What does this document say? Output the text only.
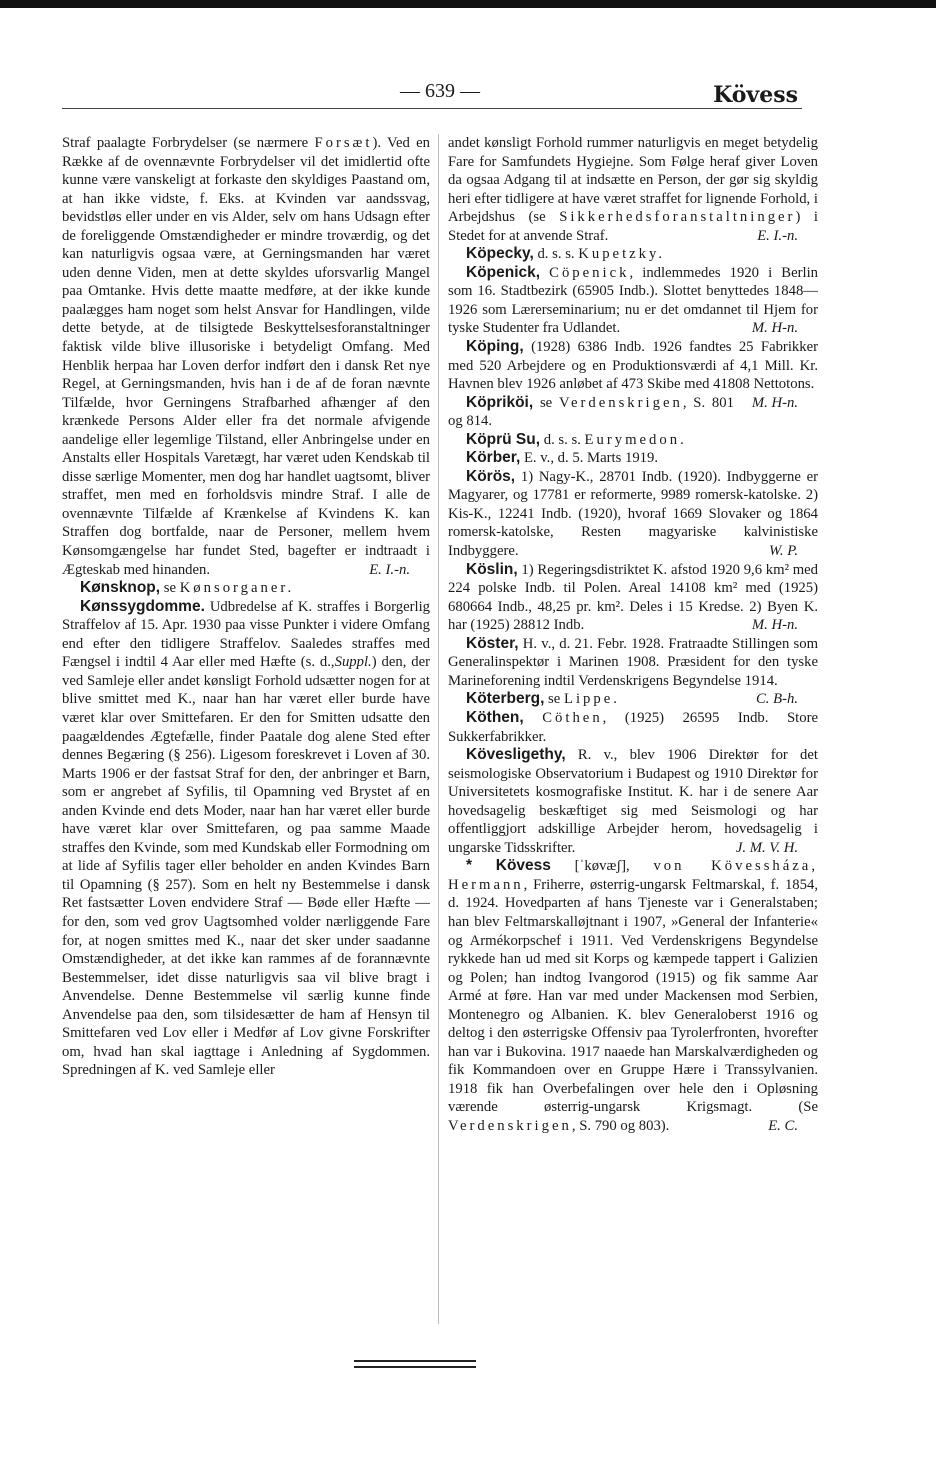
— 639 —	Kövess

Straf paalagte Forbrydelser (se nærmere Forsæt). Ved en Række af de ovennævnte Forbrydelser vil det imidlertid ofte kunne være vanskeligt at forkaste den skyldiges Paastand om, at han ikke vidste, f. Eks. at Kvinden var aandssvag, bevidstløs eller under en vis Alder, selv om hans Udsagn efter de foreliggende Omstændigheder er mindre troværdig, og det kan naturligvis ogsaa være, at Gerningsmanden har været uden denne Viden, men at dette skyldes uforsvarlig Mangel paa Omtanke. Hvis dette maatte medføre, at der ikke kunde paalægges ham noget som helst Ansvar for Handlingen, vilde dette betyde, at de tilsigtede Beskyttelsesforanstaltninger faktisk vilde blive illusoriske i betydeligt Omfang. Med Henblik herpaa har Loven derfor indført den i dansk Ret nye Regel, at Gerningsmanden, hvis han i de af de foran nævnte Tilfælde, hvor Gerningens Strafbarhed afhænger af den krænkede Persons Alder eller fra det normale afvigende aandelige eller legemlige Tilstand, eller Anbringelse under en Anstalts eller Hospitals Varetægt, har været uden Kendskab til disse særlige Momenter, men dog har handlet uagtsomt, bliver straffet, men med en forholdsvis mindre Straf. I alle de ovennævnte Tilfælde af Krænkelse af Kvindens K. kan Straffen dog bortfalde, naar de Personer, mellem hvem Kønsomgængelse har fundet Sted, bagefter er indtraadt i Ægteskab med hinanden.	E. I.-n.

Kønsknop, se Kønsorganer.

Kønssygdomme. Udbredelse af K. straffes i Borgerlig Straffelov af 15. Apr. 1930 paa visse Punkter i videre Omfang end efter den tidligere Straffelov. Saaledes straffes med Fængsel i indtil 4 Aar eller med Hæfte (s. d.,Suppl.) den, der ved Samleje eller andet kønsligt Forhold udsætter nogen for at blive smittet med K., naar han har været eller burde have været klar over Smittefaren. Er den for Smitten udsatte den paagældendes Ægtefælle, finder Paatale dog alene Sted efter dennes Begæring (§ 256). Ligesom foreskrevet i Loven af 30. Marts 1906 er der fastsat Straf for den, der anbringer et Barn, som er angrebet af Syfilis, til Opamning ved Brystet af en anden Kvinde end dets Moder, naar han har været eller burde have været klar over Smittefaren, og paa samme Maade straffes den Kvinde, som med Kundskab eller Formodning om at lide af Syfilis tager eller beholder en anden Kvindes Barn til Opamning (§ 257). Som en helt ny Bestemmelse i dansk Ret fastsætter Loven endvidere Straf — Bøde eller Hæfte — for den, som ved grov Uagtsomhed volder nærliggende Fare for, at nogen smittes med K., naar det sker under saadanne Omstændigheder, at det ikke kan rammes af de forannævnte Bestemmelser, idet disse naturligvis saa vil blive bragt i Anvendelse. Denne Bestemmelse vil særlig kunne finde Anvendelse paa den, som tilsidesætter de ham af Hensyn til Smittefaren ved Lov eller i Medfør af Lov givne Forskrifter om, hvad han skal iagttage i Anledning af Sygdommen. Spredningen af K. ved Samleje eller

andet kønsligt Forhold rummer naturligvis en meget betydelig Fare for Samfundets Hygiejne. Som Følge heraf giver Loven da ogsaa Adgang til at indsætte en Person, der gør sig skyldig heri efter tidligere at have været straffet for lignende Forhold, i Arbejdshus (se Sikkerhedsforanstaltninger) i Stedet for at anvende Straf.	E. I.-n.

Köpecky, d. s. s. Kupetzky.

Köpenick, Cöpenick, indlemmedes 1920 i Berlin som 16. Stadtbezirk (65905 Indb.). Slottet benyttedes 1848—1926 som Lærerseminarium; nu er det omdannet til Hjem for tyske Studenter fra Udlandet.	M. H-n.

Köping, (1928) 6386 Indb. 1926 fandtes 25 Fabrikker med 520 Arbejdere og en Produktionsværdi af 4,1 Mill. Kr. Havnen blev 1926 anløbet af 473 Skibe med 41808 Nettotons.
M. H-n.

Köpriköi, se Verdenskrigen, S. 801 og 814.

Köprü Su, d. s. s. Eurymedon.

Körber, E. v., d. 5. Marts 1919.

Körös, 1) Nagy-K., 28701 Indb. (1920). Indbyggerne er Magyarer, og 17781 er reformerte, 9989 romersk-katolske. 2) Kis-K., 12241 Indb. (1920), hvoraf 1669 Slovaker og 1864 romersk-katolske, Resten magyariske kalvinistiske Indbyggere.	W. P.

Köslin, 1) Regeringsdistriktet K. afstod 1920 9,6 km² med 224 polske Indb. til Polen. Areal 14108 km² med (1925) 680664 Indb., 48,25 pr. km². Deles i 15 Kredse. 2) Byen K. har (1925) 28812 Indb.	M. H-n.

Köster, H. v., d. 21. Febr. 1928. Fratraadte Stillingen som Generalinspektør i Marinen 1908. Præsident for den tyske Marineforening indtil Verdenskrigens Begyndelse 1914.
C. B-h.

Köterberg, se Lippe.

Köthen, Cöthen, (1925) 26595 Indb. Store Sukkerfabrikker.

Kövesligethy, R. v., blev 1906 Direktør for det seismologiske Observatorium i Budapest og 1910 Direktør for Universitetets kosmografiske Institut. K. har i de senere Aar hovedsagelig beskæftiget sig med Seismologi og har offentliggjort adskillige Arbejder herom, hovedsagelig i ungarske Tidsskrifter.	J. M. V. H.

* Kövess [ˈkøvæʃ], von Kövessháza, Hermann, Friherre, østerrig-ungarsk Feltmarskal, f. 1854, d. 1924. Hovedparten af hans Tjeneste var i Generalstaben; han blev Feltmarskalløjtnant i 1907, »General der Infanterie« og Armékorpschef i 1911. Ved Verdenskrigens Begyndelse rykkede han ud med sit Korps og kæmpede tappert i Galizien og Polen; han indtog Ivangorod (1915) og fik samme Aar Armé at føre. Han var med under Mackensen mod Serbien, Montenegro og Albanien. K. blev Generaloberst 1916 og deltog i den østerrigske Offensiv paa Tyrolerfronten, hvorefter han var i Bukovina. 1917 naaede han Marskalværdigheden og fik Kommandoen over en Gruppe Hære i Transsylvanien. 1918 fik han Overbefalingen over hele den i Opløsning værende østerrig-ungarsk Krigsmagt. (Se Verdenskrigen, S. 790 og 803).	E. C.
